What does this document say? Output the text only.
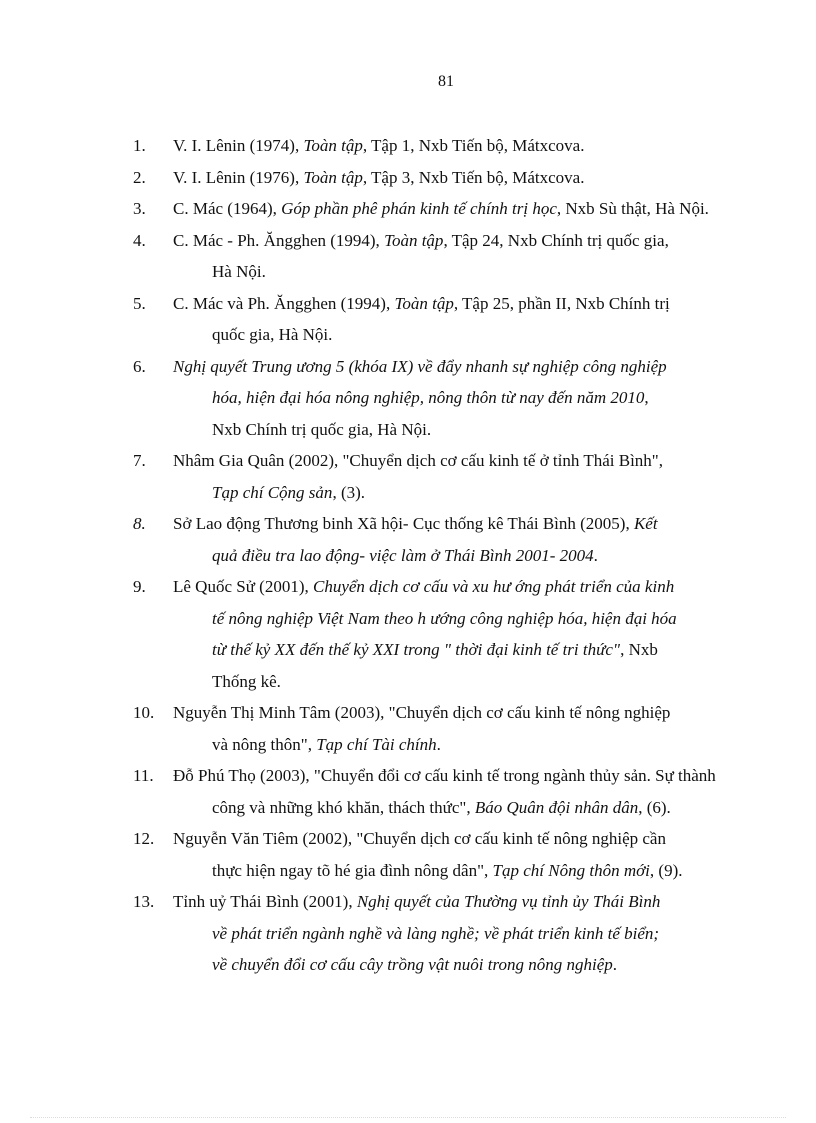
81
1.	V. I. Lênin (1974), Toàn tập, Tập 1, Nxb Tiến bộ, Mátxcova.
2.	V. I. Lênin (1976), Toàn tập, Tập 3, Nxb Tiến bộ, Mátxcova.
3.	C. Mác (1964), Góp phần phê phán kinh tế chính trị học, Nxb Sù thật, Hà Nội.
4.	C. Mác - Ph. Ăngghen (1994), Toàn tập, Tập 24, Nxb Chính trị quốc gia,
Hà Nội.
5.	C. Mác và Ph. Ăngghen (1994), Toàn tập, Tập 25, phần II, Nxb Chính trị
quốc gia, Hà Nội.
6.	Nghị quyết Trung ương 5 (khóa IX) về đẩy nhanh sự nghiệp công nghiệp
hóa, hiện đại hóa nông nghiệp, nông thôn từ nay đến năm 2010,
Nxb Chính trị quốc gia, Hà Nội.
7.	Nhâm Gia Quân (2002), "Chuyển dịch cơ cấu kinh tế ở tỉnh Thái Bình",
Tạp chí Cộng sản, (3).
8.	Sở Lao động Thương binh Xã hội- Cục thống kê Thái Bình (2005), Kết
quả điều tra lao động- việc làm ở Thái Bình 2001- 2004.
9.	Lê Quốc Sử (2001), Chuyển dịch cơ cấu và xu hư ớng phát triển của kinh
tế nông nghiệp Việt Nam theo h ướng công nghiệp hóa, hiện đại hóa
từ thế kỷ XX đến thế kỷ XXI trong " thời đại kinh tế tri thức", Nxb
Thống kê.
10.	Nguyễn Thị Minh Tâm (2003), "Chuyển dịch cơ cấu kinh tế nông nghiệp
và nông thôn", Tạp chí Tài chính.
11.	Đỗ Phú Thọ (2003), "Chuyển đổi cơ cấu kinh tế trong ngành thủy sản. Sự thành
công và những khó khăn, thách thức", Báo Quân đội nhân dân, (6).
12.	Nguyễn Văn Tiêm (2002), "Chuyển dịch cơ cấu kinh tế nông nghiệp cần
thực hiện ngay tõ hé gia đình nông dân", Tạp chí Nông thôn mới, (9).
13.	Tỉnh uỷ Thái Bình (2001), Nghị quyết của Thường vụ tỉnh ủy Thái Bình
về phát triển ngành nghề và làng nghề; về phát triển kinh tế biển;
về chuyển đổi cơ cấu cây trồng vật nuôi trong nông nghiệp.
